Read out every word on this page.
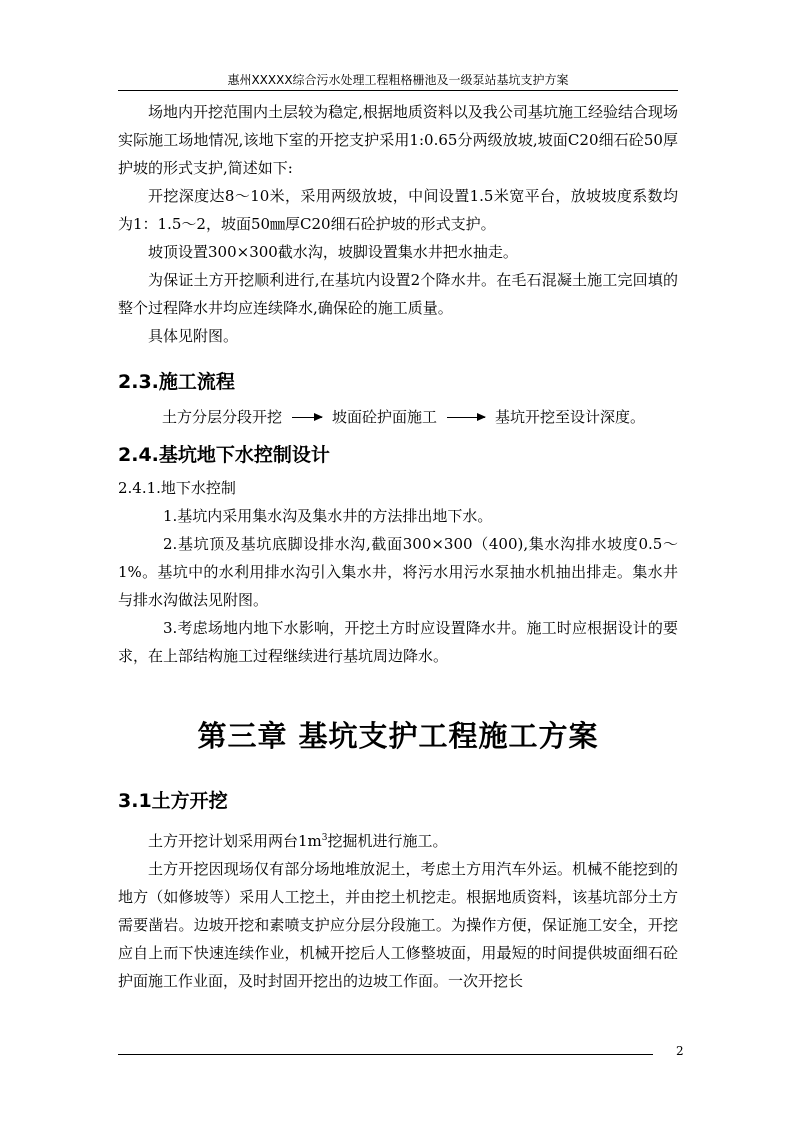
惠州XXXXX综合污水处理工程粗格栅池及一级泵站基坑支护方案

场地内开挖范围内土层较为稳定,根据地质资料以及我公司基坑施工经验结合现场实际施工场地情况,该地下室的开挖支护采用1:0.65分两级放坡,坡面C20细石砼50厚护坡的形式支护,简述如下:

开挖深度达8～10米，采用两级放坡，中间设置1.5米宽平台，放坡坡度系数均为1：1.5～2，坡面50㎜厚C20细石砼护坡的形式支护。

坡顶设置300×300截水沟，坡脚设置集水井把水抽走。

为保证土方开挖顺利进行,在基坑内设置2个降水井。在毛石混凝土施工完回填的整个过程降水井均应连续降水,确保砼的施工质量。

具体见附图。

2.3.施工流程
土方分层分段开挖	坡面砼护面施工	基坑开挖至设计深度。
2.4.基坑地下水控制设计

2.4.1.地下水控制

1.基坑内采用集水沟及集水井的方法排出地下水。

2.基坑顶及基坑底脚设排水沟,截面300×300（400),集水沟排水坡度0.5～1%。基坑中的水利用排水沟引入集水井，将污水用污水泵抽水机抽出排走。集水井与排水沟做法见附图。

3.考虑场地内地下水影响，开挖土方时应设置降水井。施工时应根据设计的要求，在上部结构施工过程继续进行基坑周边降水。

第三章 基坑支护工程施工方案
3.1土方开挖

土方开挖计划采用两台$1m^3$挖掘机进行施工。

土方开挖因现场仅有部分场地堆放泥土，考虑土方用汽车外运。机械不能挖到的地方（如修坡等）采用人工挖土，并由挖土机挖走。根据地质资料，该基坑部分土方需要凿岩。边坡开挖和素喷支护应分层分段施工。为操作方便，保证施工安全，开挖应自上而下快速连续作业，机械开挖后人工修整坡面，用最短的时间提供坡面细石砼护面施工作业面，及时封固开挖出的边坡工作面。一次开挖长

2
